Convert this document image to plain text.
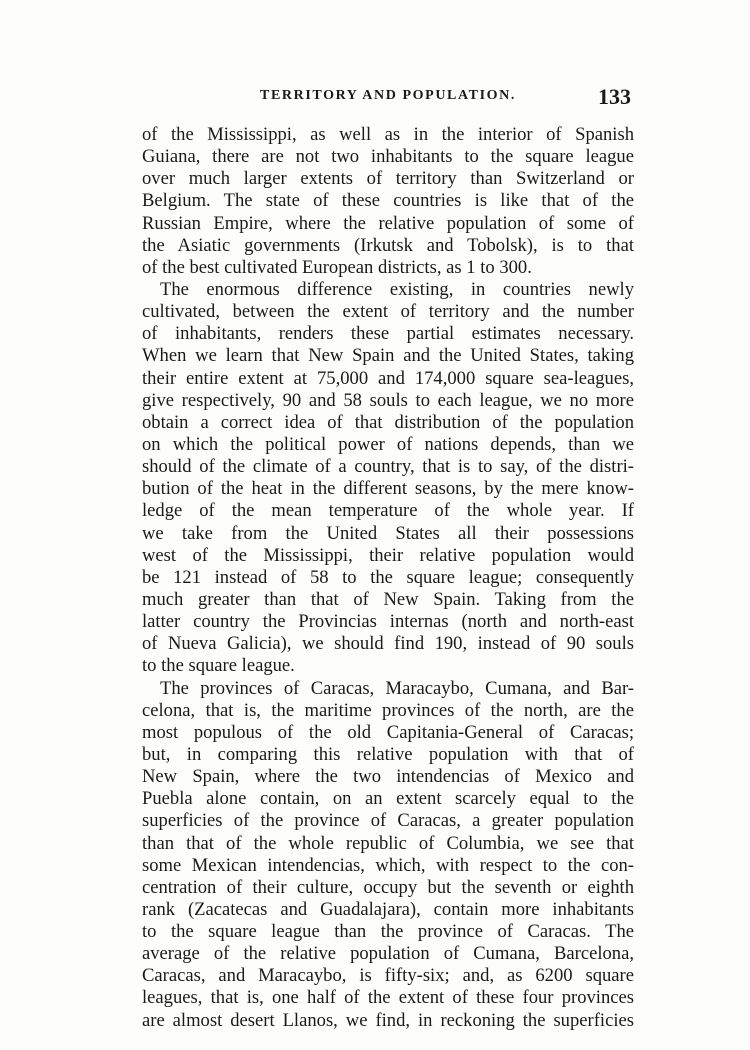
TERRITORY AND POPULATION.	133
of the Mississippi, as well as in the interior of Spanish
Guiana, there are not two inhabitants to the square league
over much larger extents of territory than Switzerland or
Belgium. The state of these countries is like that of the
Russian Empire, where the relative population of some of
the Asiatic governments (Irkutsk and Tobolsk), is to that
of the best cultivated European districts, as 1 to 300.
The enormous difference existing, in countries newly
cultivated, between the extent of territory and the number
of inhabitants, renders these partial estimates necessary.
When we learn that New Spain and the United States, taking
their entire extent at 75,000 and 174,000 square sea-leagues,
give respectively, 90 and 58 souls to each league, we no more
obtain a correct idea of that distribution of the population
on which the political power of nations depends, than we
should of the climate of a country, that is to say, of the distri-
bution of the heat in the different seasons, by the mere know-
ledge of the mean temperature of the whole year. If
we take from the United States all their possessions
west of the Mississippi, their relative population would
be 121 instead of 58 to the square league; consequently
much greater than that of New Spain. Taking from the
latter country the Provincias internas (north and north-east
of Nueva Galicia), we should find 190, instead of 90 souls
to the square league.
The provinces of Caracas, Maracaybo, Cumana, and Bar-
celona, that is, the maritime provinces of the north, are the
most populous of the old Capitania-General of Caracas;
but, in comparing this relative population with that of
New Spain, where the two intendencias of Mexico and
Puebla alone contain, on an extent scarcely equal to the
superficies of the province of Caracas, a greater population
than that of the whole republic of Columbia, we see that
some Mexican intendencias, which, with respect to the con-
centration of their culture, occupy but the seventh or eighth
rank (Zacatecas and Guadalajara), contain more inhabitants
to the square league than the province of Caracas. The
average of the relative population of Cumana, Barcelona,
Caracas, and Maracaybo, is fifty-six; and, as 6200 square
leagues, that is, one half of the extent of these four provinces
are almost desert Llanos, we find, in reckoning the superficies
